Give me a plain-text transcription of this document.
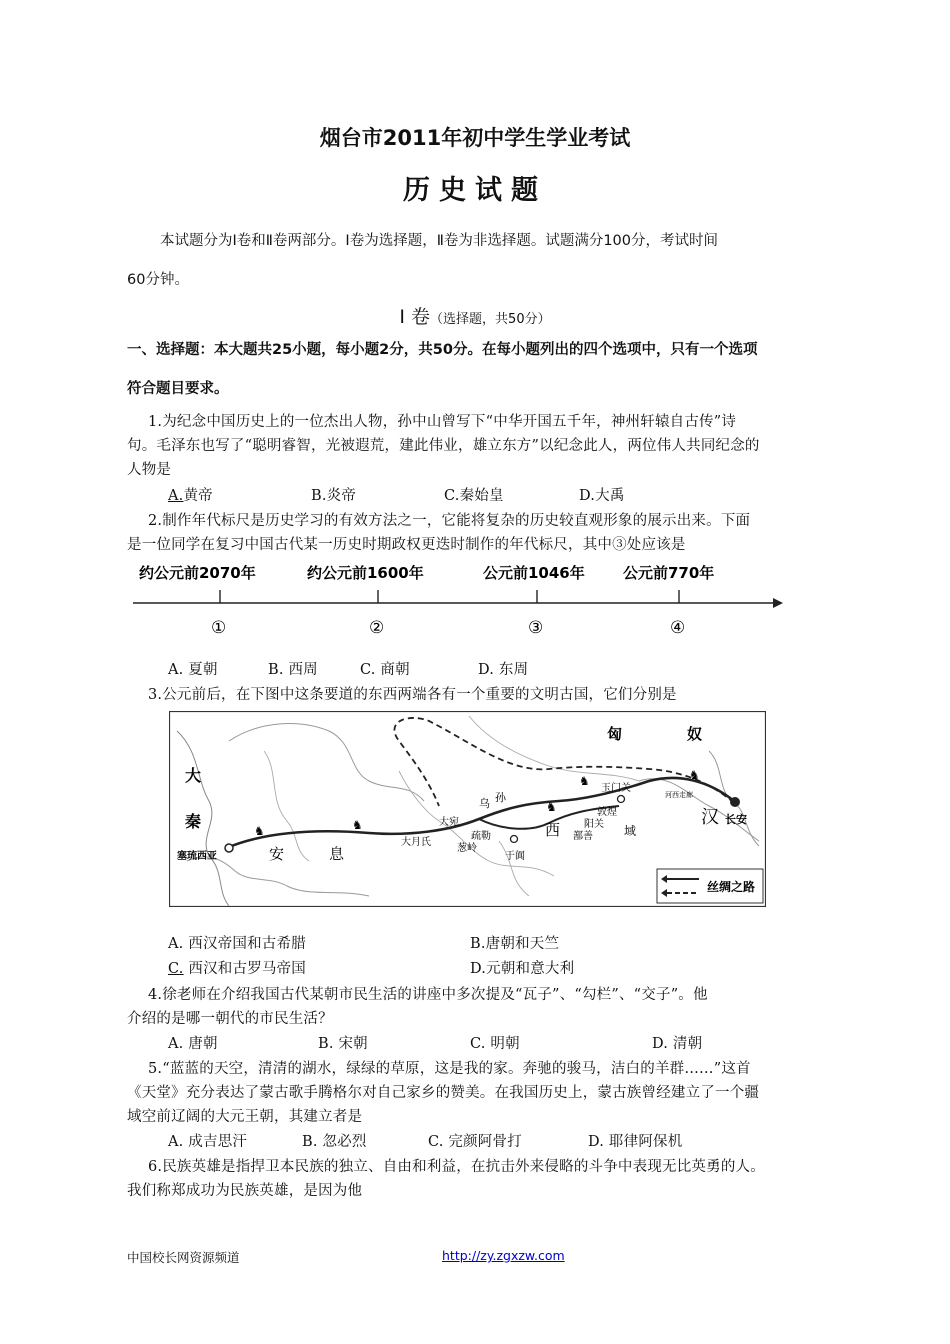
烟台市2011年初中学生学业考试
历史试题
本试题分为Ⅰ卷和Ⅱ卷两部分。Ⅰ卷为选择题，Ⅱ卷为非选择题。试题满分100分，考试时间
60分钟。
Ⅰ 卷（选择题，共50分）
一、选择题：本大题共25小题，每小题2分，共50分。在每小题列出的四个选项中，只有一个选项
符合题目要求。
1.为纪念中国历史上的一位杰出人物，孙中山曾写下“中华开国五千年，神州轩辕自古传”诗
句。毛泽东也写了“聪明睿智，光被遐荒，建此伟业，雄立东方”以纪念此人，两位伟人共同纪念的
人物是
A.黄帝	B.炎帝	C.秦始皇	D.大禹
2.制作年代标尺是历史学习的有效方法之一，它能将复杂的历史较直观形象的展示出来。下面
是一位同学在复习中国古代某一历史时期政权更迭时制作的年代标尺，其中③处应该是
约公元前2070年	约公元前1600年	公元前1046年	公元前770年
①	②	③	④
A. 夏朝	B. 西周	C. 商朝	D. 东周
3.公元前后，在下图中这条要道的东西两端各有一个重要的文明古国，它们分别是
♞	♞
♞
♞
♞
匈	奴
大
秦
安	息
汉 长安
敦煌
玉门关
阳关
鄯善
西	域
大宛
疏勒
葱岭
大月氏
于阗
乌 孙
塞琉西亚
河西走廊
丝绸之路
A. 西汉帝国和古希腊	B.唐朝和天竺
C. 西汉和古罗马帝国	D.元朝和意大利
4.徐老师在介绍我国古代某朝市民生活的讲座中多次提及“瓦子”、“勾栏”、“交子”。他
介绍的是哪一朝代的市民生活？
A. 唐朝	B. 宋朝	C. 明朝	D. 清朝
5.“蓝蓝的天空，清清的湖水，绿绿的草原，这是我的家。奔驰的骏马，洁白的羊群……”这首
《天堂》充分表达了蒙古歌手腾格尔对自己家乡的赞美。在我国历史上，蒙古族曾经建立了一个疆
域空前辽阔的大元王朝，其建立者是
A. 成吉思汗	B. 忽必烈	C. 完颜阿骨打	D. 耶律阿保机
6.民族英雄是指捍卫本民族的独立、自由和利益，在抗击外来侵略的斗争中表现无比英勇的人。
我们称郑成功为民族英雄，是因为他
中国校长网资源频道	http://zy.zgxzw.com
